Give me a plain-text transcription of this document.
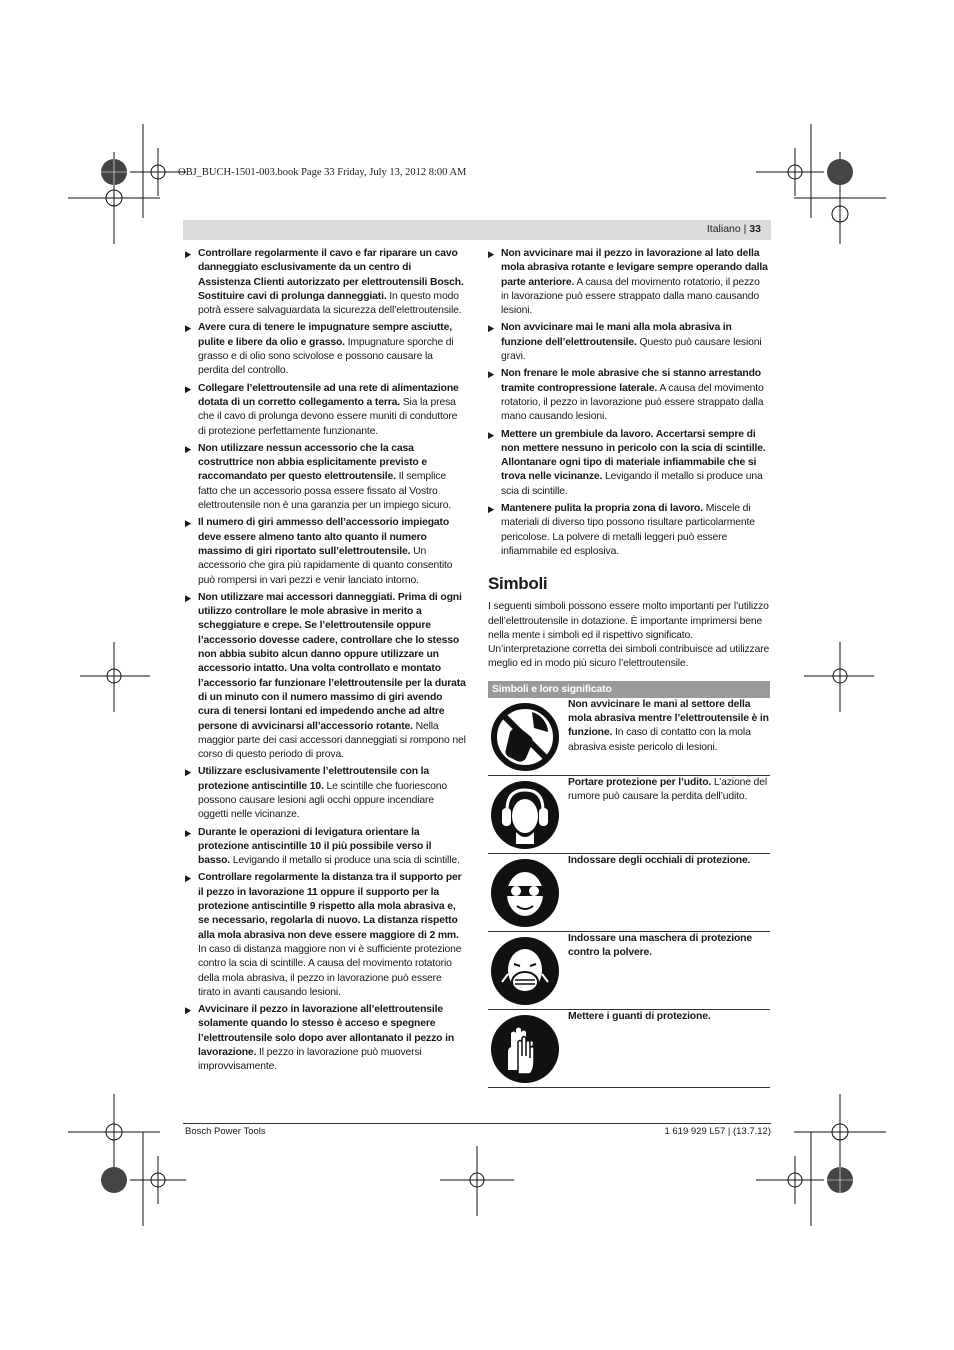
OBJ_BUCH-1501-003.book Page 33 Friday, July 13, 2012 8:00 AM
Italiano | 33
▶ Controllare regolarmente il cavo e far riparare un cavo danneggiato esclusivamente da un centro di Assistenza Clienti autorizzato per elettroutensili Bosch. Sostituire cavi di prolunga danneggiati. In questo modo potrà essere salvaguardata la sicurezza dell’elettroutensile.
▶ Avere cura di tenere le impugnature sempre asciutte, pulite e libere da olio e grasso. Impugnature sporche di grasso e di olio sono scivolose e possono causare la perdita del controllo.
▶ Collegare l’elettroutensile ad una rete di alimentazione dotata di un corretto collegamento a terra. Sia la presa che il cavo di prolunga devono essere muniti di conduttore di protezione perfettamente funzionante.
▶ Non utilizzare nessun accessorio che la casa costruttrice non abbia esplicitamente previsto e raccomandato per questo elettroutensile. Il semplice fatto che un accessorio possa essere fissato al Vostro elettroutensile non è una garanzia per un impiego sicuro.
▶ Il numero di giri ammesso dell’accessorio impiegato deve essere almeno tanto alto quanto il numero massimo di giri riportato sull’elettroutensile. Un accessorio che gira più rapidamente di quanto consentito può rompersi in vari pezzi e venir lanciato intorno.
▶ Non utilizzare mai accessori danneggiati. Prima di ogni utilizzo controllare le mole abrasive in merito a scheggiature e crepe. Se l’elettroutensile oppure l’accessorio dovesse cadere, controllare che lo stesso non abbia subito alcun danno oppure utilizzare un accessorio intatto. Una volta controllato e montato l’accessorio far funzionare l’elettroutensile per la durata di un minuto con il numero massimo di giri avendo cura di tenersi lontani ed impedendo anche ad altre persone di avvicinarsi all’accessorio rotante. Nella maggior parte dei casi accessori danneggiati si rompono nel corso di questo periodo di prova.
▶ Utilizzare esclusivamente l’elettroutensile con la protezione antiscintille 10. Le scintille che fuoriescono possono causare lesioni agli occhi oppure incendiare oggetti nelle vicinanze.
▶ Durante le operazioni di levigatura orientare la protezione antiscintille 10 il più possibile verso il basso. Levigando il metallo si produce una scia di scintille.
▶ Controllare regolarmente la distanza tra il supporto per il pezzo in lavorazione 11 oppure il supporto per la protezione antiscintille 9 rispetto alla mola abrasiva e, se necessario, regolarla di nuovo. La distanza rispetto alla mola abrasiva non deve essere maggiore di 2 mm. In caso di distanza maggiore non vi è sufficiente protezione contro la scia di scintille. A causa del movimento rotatorio della mola abrasiva, il pezzo in lavorazione può essere tirato in avanti causando lesioni.
▶ Avvicinare il pezzo in lavorazione all’elettroutensile solamente quando lo stesso è acceso e spegnere l’elettroutensile solo dopo aver allontanato il pezzo in lavorazione. Il pezzo in lavorazione può muoversi improvvisamente.
▶ Non avvicinare mai il pezzo in lavorazione al lato della mola abrasiva rotante e levigare sempre operando dalla parte anteriore. A causa del movimento rotatorio, il pezzo in lavorazione può essere strappato dalla mano causando lesioni.
▶ Non avvicinare mai le mani alla mola abrasiva in funzione dell’elettroutensile. Questo può causare lesioni gravi.
▶ Non frenare le mole abrasive che si stanno arrestando tramite contropressione laterale. A causa del movimento rotatorio, il pezzo in lavorazione può essere strappato dalla mano causando lesioni.
▶ Mettere un grembiule da lavoro. Accertarsi sempre di non mettere nessuno in pericolo con la scia di scintille. Allontanare ogni tipo di materiale infiammabile che si trova nelle vicinanze. Levigando il metallo si produce una scia di scintille.
▶ Mantenere pulita la propria zona di lavoro. Miscele di materiali di diverso tipo possono risultare particolarmente pericolose. La polvere di metalli leggeri può essere infiammabile ed esplosiva.
Simboli
I seguenti simboli possono essere molto importanti per l’utilizzo dell’elettroutensile in dotazione. È importante imprimersi bene nella mente i simboli ed il rispettivo significato. Un’interpretazione corretta dei simboli contribuisce ad utilizzare meglio ed in modo più sicuro l’elettroutensile.
Simboli e loro significato
Non avvicinare le mani al settore della mola abrasiva mentre l’elettroutensile è in funzione. In caso di contatto con la mola abrasiva esiste pericolo di lesioni.
Portare protezione per l’udito. L’azione del rumore può causare la perdita dell’udito.
Indossare degli occhiali di protezione.
Indossare una maschera di protezione contro la polvere.
Mettere i guanti di protezione.
Bosch Power Tools	1 619 929 L57 | (13.7.12)
